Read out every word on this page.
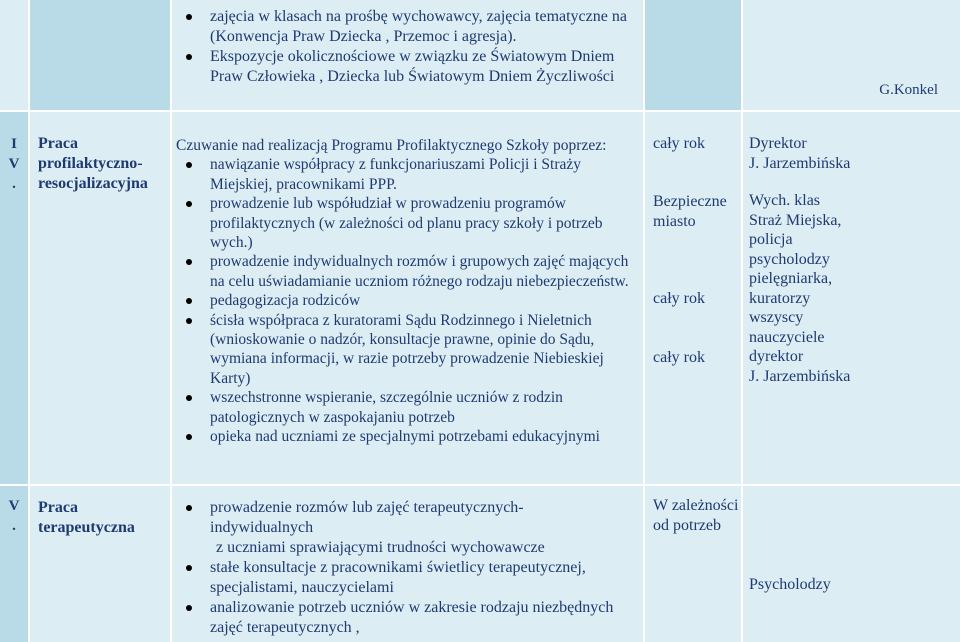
zajęcia w klasach na prośbę wychowawcy, zajęcia tematyczne na (Konwencja Praw Dziecka , Przemoc i agresja).
Ekspozycje okolicznościowe w związku ze Światowym Dniem Praw Człowieka , Dziecka lub Światowym Dniem Życzliwości
G.Konkel
I
V
.
Praca profilaktyczno-resocjalizacyjna
Czuwanie nad realizacją Programu Profilaktycznego Szkoły poprzez:
nawiązanie współpracy z funkcjonariuszami Policji i Straży Miejskiej, pracownikami PPP.
prowadzenie lub współudział w prowadzeniu programów profilaktycznych (w zależności od planu pracy szkoły i potrzeb wych.)
prowadzenie indywidualnych rozmów i grupowych zajęć mających na celu uświadamianie uczniom różnego rodzaju niebezpieczeństw.
pedagogizacja rodziców
ścisła współpraca z kuratorami Sądu Rodzinnego i Nieletnich (wnioskowanie o nadzór, konsultacje prawne, opinie do Sądu, wymiana informacji, w razie potrzeby prowadzenie Niebieskiej Karty)
wszechstronne wspieranie, szczególnie uczniów z rodzin patologicznych w zaspokajaniu potrzeb
opieka nad uczniami ze specjalnymi potrzebami edukacyjnymi
cały rok
Bezpieczne miasto
cały rok
cały rok
Dyrektor
J. Jarzembińska
Wych. klas
Straż Miejska, policja
psycholodzy
pielęgniarka, kuratorzy
wszyscy nauczyciele
dyrektor
J. Jarzembińska
V
.
Praca terapeutyczna
prowadzenie rozmów lub zajęć terapeutycznych- indywidualnych
z uczniami sprawiającymi trudności wychowawcze
stałe konsultacje z pracownikami świetlicy terapeutycznej, specjalistami, nauczycielami
analizowanie potrzeb uczniów w zakresie rodzaju niezbędnych zajęć terapeutycznych ,
W zależności od potrzeb
Psycholodzy
